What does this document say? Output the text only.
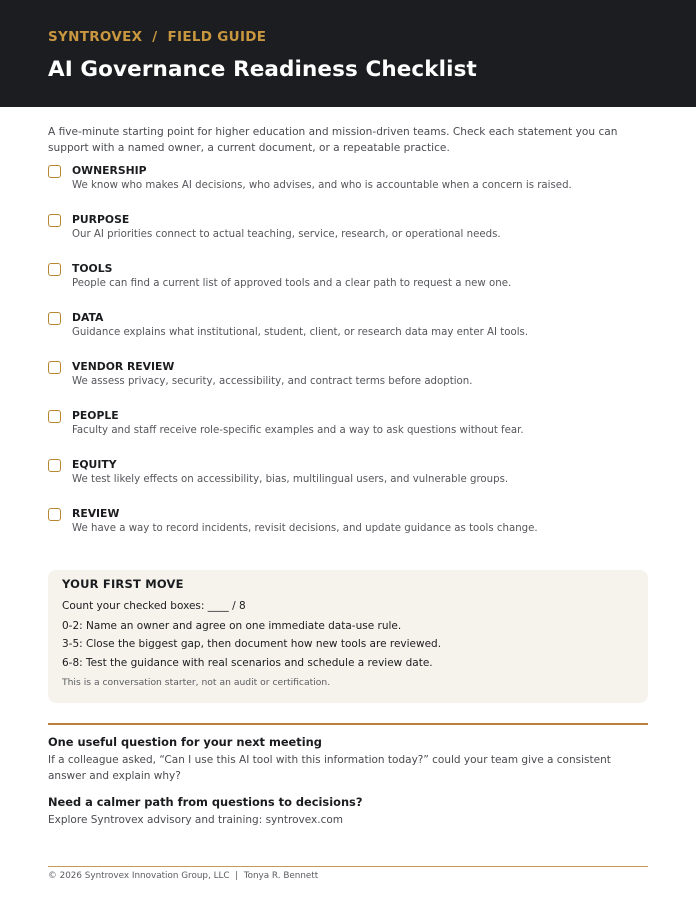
SYNTROVEX  /  FIELD GUIDE
AI Governance Readiness Checklist
A five-minute starting point for higher education and mission-driven teams. Check each statement you can support with a named owner, a current document, or a repeatable practice.
OWNERSHIP
We know who makes AI decisions, who advises, and who is accountable when a concern is raised.
PURPOSE
Our AI priorities connect to actual teaching, service, research, or operational needs.
TOOLS
People can find a current list of approved tools and a clear path to request a new one.
DATA
Guidance explains what institutional, student, client, or research data may enter AI tools.
VENDOR REVIEW
We assess privacy, security, accessibility, and contract terms before adoption.
PEOPLE
Faculty and staff receive role-specific examples and a way to ask questions without fear.
EQUITY
We test likely effects on accessibility, bias, multilingual users, and vulnerable groups.
REVIEW
We have a way to record incidents, revisit decisions, and update guidance as tools change.
YOUR FIRST MOVE
Count your checked boxes: ____ / 8
0-2: Name an owner and agree on one immediate data-use rule.
3-5: Close the biggest gap, then document how new tools are reviewed.
6-8: Test the guidance with real scenarios and schedule a review date.
This is a conversation starter, not an audit or certification.
One useful question for your next meeting
If a colleague asked, “Can I use this AI tool with this information today?” could your team give a consistent answer and explain why?
Need a calmer path from questions to decisions?
Explore Syntrovex advisory and training: syntrovex.com
© 2026 Syntrovex Innovation Group, LLC  |  Tonya R. Bennett
